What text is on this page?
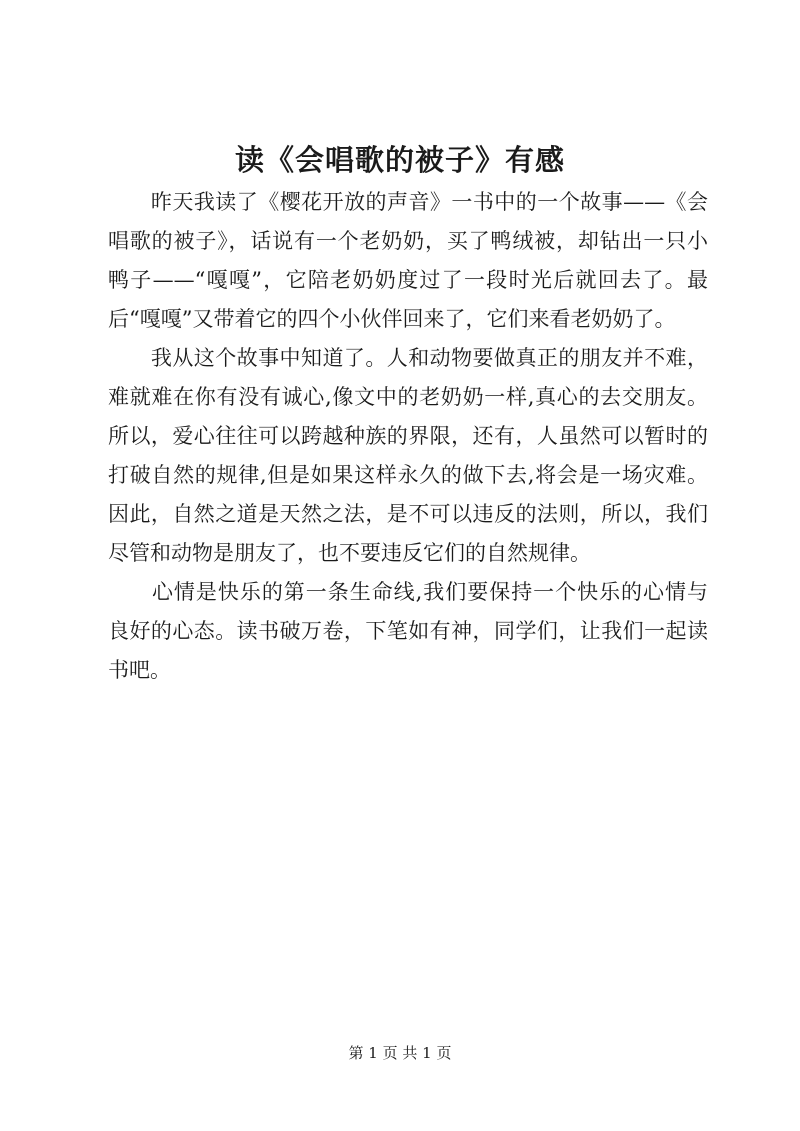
读《会唱歌的被子》有感
　　昨天我读了《樱花开放的声音》一书中的一个故事——《会
唱歌的被子》，话说有一个老奶奶，买了鸭绒被，却钻出一只小
鸭子——“嘎嘎”，它陪老奶奶度过了一段时光后就回去了。最
后“嘎嘎”又带着它的四个小伙伴回来了，它们来看老奶奶了。
　　我从这个故事中知道了。人和动物要做真正的朋友并不难，
难就难在你有没有诚心,像文中的老奶奶一样,真心的去交朋友。
所以，爱心往往可以跨越种族的界限，还有，人虽然可以暂时的
打破自然的规律,但是如果这样永久的做下去,将会是一场灾难。
因此，自然之道是天然之法，是不可以违反的法则，所以，我们
尽管和动物是朋友了，也不要违反它们的自然规律。
　　心情是快乐的第一条生命线,我们要保持一个快乐的心情与
良好的心态。读书破万卷，下笔如有神，同学们，让我们一起读
书吧。
第 1 页 共 1 页
